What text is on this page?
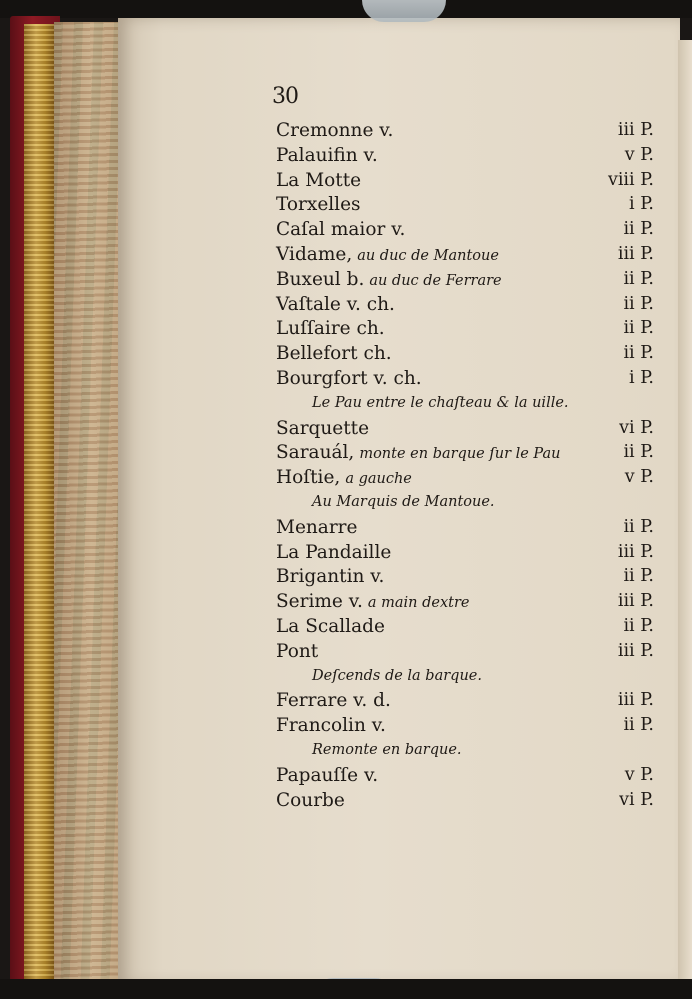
30
Cremonne v.	iii P.
Palauifin v.	v P.
La Motte	viii P.
Torxelles	i P.
Caſal maior v.	ii P.
Vidame, au duc de Mantoue	iii P.
Buxeul b. au duc de Ferrare	ii P.
Vaſtale v. ch.	ii P.
Luſſaire ch.	ii P.
Bellefort ch.	ii P.
Bourgfort v. ch.	i P.
Le Pau entre le chaſteau & la uille.
Sarquette	vi P.
Sarauál, monte en barque ſur le Pau	ii P.
Hoſtie, a gauche	v P.
Au Marquis de Mantoue.
Menarre	ii P.
La Pandaille	iii P.
Brigantin v.	ii P.
Serime v. a main dextre	iii P.
La Scallade	ii P.
Pont	iii P.
Deſcends de la barque.
Ferrare v. d.	iii P.
Francolin v.	ii P.
Remonte en barque.
Papauſſe v.	v P.
Courbe	vi P.
